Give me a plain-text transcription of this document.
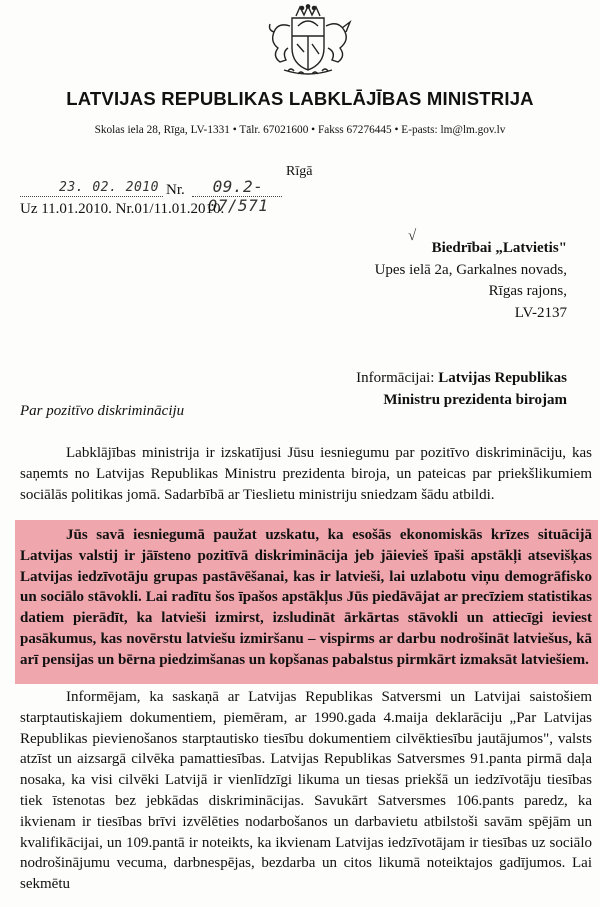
LATVIJAS REPUBLIKAS LABKLĀJĪBAS MINISTRIJA
Skolas iela 28, Rīga, LV-1331 • Tālr. 67021600 • Fakss 67276445 • E-pasts: lm@lm.gov.lv
Rīgā
23. 02. 2010 Nr.	09.2-07/571
Uz 11.01.2010. Nr.01/11.01.2010.
√
Biedrībai „Latvietis"
Upes ielā 2a, Garkalnes novads,
Rīgas rajons,
LV-2137
Informācijai: Latvijas Republikas
Ministru prezidenta birojam
Par pozitīvo diskrimināciju

Labklājības ministrija ir izskatījusi Jūsu iesniegumu par pozitīvo diskrimināciju, kas saņemts no Latvijas Republikas Ministru prezidenta biroja, un pateicas par priekšlikumiem sociālās politikas jomā. Sadarbībā ar Tieslietu ministriju sniedzam šādu atbildi.

Jūs savā iesniegumā paužat uzskatu, ka esošās ekonomiskās krīzes situācijā Latvijas valstij ir jāīsteno pozitīvā diskriminācija jeb jāievieš īpaši apstākļi atsevišķas Latvijas iedzīvotāju grupas pastāvēšanai, kas ir latvieši, lai uzlabotu viņu demogrāfisko un sociālo stāvokli. Lai radītu šos īpašos apstākļus Jūs piedāvājat ar precīziem statistikas datiem pierādīt, ka latvieši izmirst, izsludināt ārkārtas stāvokli un attiecīgi ieviest pasākumus, kas novērstu latviešu izmiršanu – vispirms ar darbu nodrošināt latviešus, kā arī pensijas un bērna piedzimšanas un kopšanas pabalstus pirmkārt izmaksāt latviešiem.

Informējam, ka saskaņā ar Latvijas Republikas Satversmi un Latvijai saistošiem starptautiskajiem dokumentiem, piemēram, ar 1990.gada 4.maija deklarāciju „Par Latvijas Republikas pievienošanos starptautisko tiesību dokumentiem cilvēktiesību jautājumos", valsts atzīst un aizsargā cilvēka pamattiesības. Latvijas Republikas Satversmes 91.panta pirmā daļa nosaka, ka visi cilvēki Latvijā ir vienlīdzīgi likuma un tiesas priekšā un iedzīvotāju tiesības tiek īstenotas bez jebkādas diskriminācijas. Savukārt Satversmes 106.pants paredz, ka ikvienam ir tiesības brīvi izvēlēties nodarbošanos un darbavietu atbilstoši savām spējām un kvalifikācijai, un 109.pantā ir noteikts, ka ikvienam Latvijas iedzīvotājam ir tiesības uz sociālo nodrošinājumu vecuma, darbnespējas, bezdarba un citos likumā noteiktajos gadījumos. Lai sekmētu
